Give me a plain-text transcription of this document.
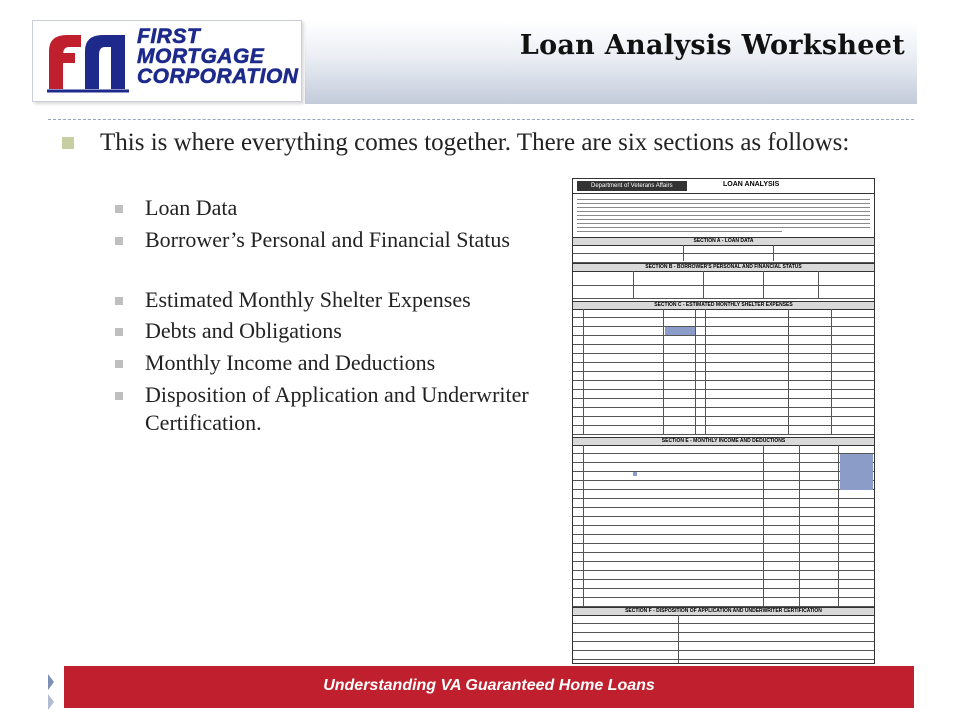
FIRST
MORTGAGE
CORPORATION
Loan Analysis Worksheet
This is where everything comes together. There are six sections as follows:
Loan Data
Borrower’s Personal and Financial Status
Estimated Monthly Shelter Expenses
Debts and Obligations
Monthly Income and Deductions
Disposition of Application and Underwriter Certification.
Department of Veterans Affairs	LOAN ANALYSIS
SECTION A - LOAN DATA
SECTION B - BORROWER'S PERSONAL AND FINANCIAL STATUS
SECTION C - ESTIMATED MONTHLY SHELTER EXPENSES
SECTION E - MONTHLY INCOME AND DEDUCTIONS
SECTION F - DISPOSITION OF APPLICATION AND UNDERWRITER CERTIFICATION
Understanding VA Guaranteed Home Loans
